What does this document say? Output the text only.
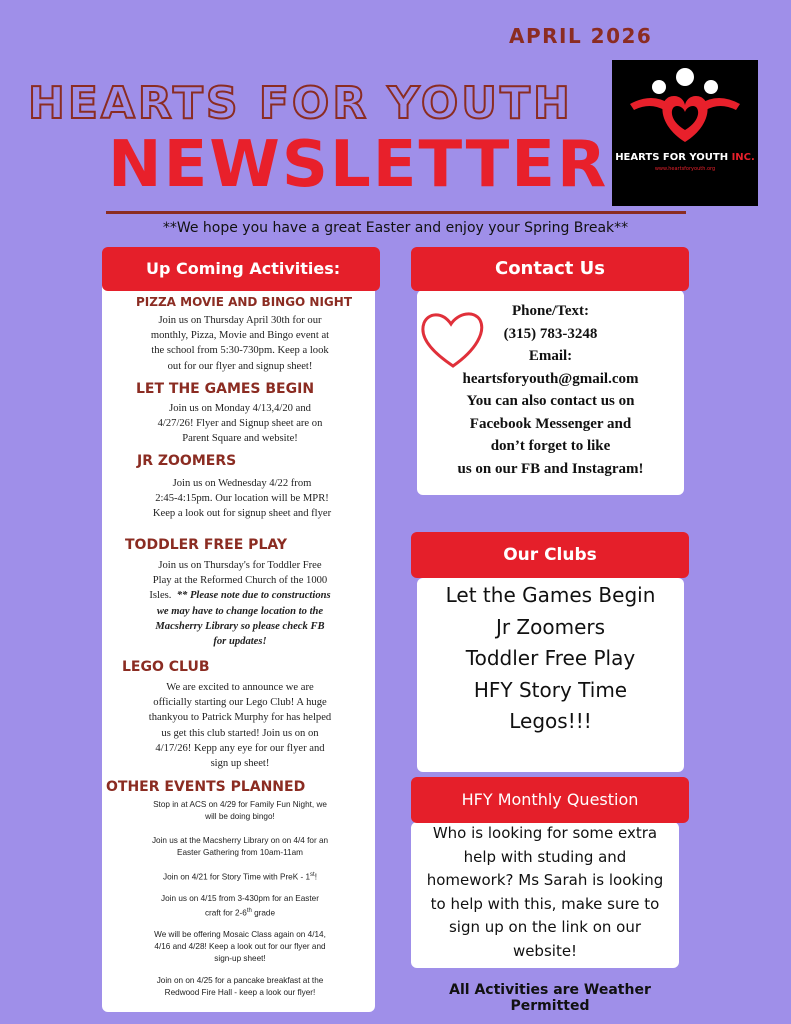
APRIL 2026
HEARTS FOR YOUTH
NEWSLETTER
**We hope you have a great Easter and enjoy your Spring Break**
HEARTS FOR YOUTH INC.
www.heartsforyouth.org
Up Coming Activities:
PIZZA MOVIE AND BINGO NIGHT
Join us on Thursday April 30th for our
monthly, Pizza, Movie and Bingo event at
the school from 5:30-730pm. Keep a look
out for our flyer and signup sheet!
LET THE GAMES BEGIN
Join us on Monday 4/13,4/20 and
4/27/26! Flyer and Signup sheet are on
Parent Square and website!
JR ZOOMERS
Join us on Wednesday 4/22 from
2:45-4:15pm. Our location will be MPR!
Keep a look out for signup sheet and flyer
TODDLER FREE PLAY
Join us on Thursday's for Toddler Free
Play at the Reformed Church of the 1000
Isles. ** Please note due to constructions
we may have to change location to the
Macsherry Library so please check FB
for updates!
LEGO CLUB
We are excited to announce we are
officially starting our Lego Club! A huge
thankyou to Patrick Murphy for has helped
us get this club started! Join us on on
4/17/26! Kepp any eye for our flyer and
sign up sheet!
OTHER EVENTS PLANNED
Stop in at ACS on 4/29 for Family Fun Night, we
will be doing bingo!
Join us at the Macsherry Library on on 4/4 for an
Easter Gathering from 10am-11am
Join on 4/21 for Story Time with PreK - 1st!
Join us on 4/15 from 3-430pm for an Easter
craft for 2-6th grade
We will be offering Mosaic Class again on 4/14,
4/16 and 4/28! Keep a look out for our flyer and
sign-up sheet!
Join on on 4/25 for a pancake breakfast at the
Redwood Fire Hall - keep a look our flyer!
Contact Us
Phone/Text:
(315) 783-3248
Email:
heartsforyouth@gmail.com
You can also contact us on
Facebook Messenger and
don’t forget to like
us on our FB and Instagram!
Our Clubs
Let the Games Begin
Jr Zoomers
Toddler Free Play
HFY Story Time
Legos!!!
HFY Monthly Question
Who is looking for some extra
help with studing and
homework? Ms Sarah is looking
to help with this, make sure to
sign up on the link on our
website!
All Activities are Weather Permitted
